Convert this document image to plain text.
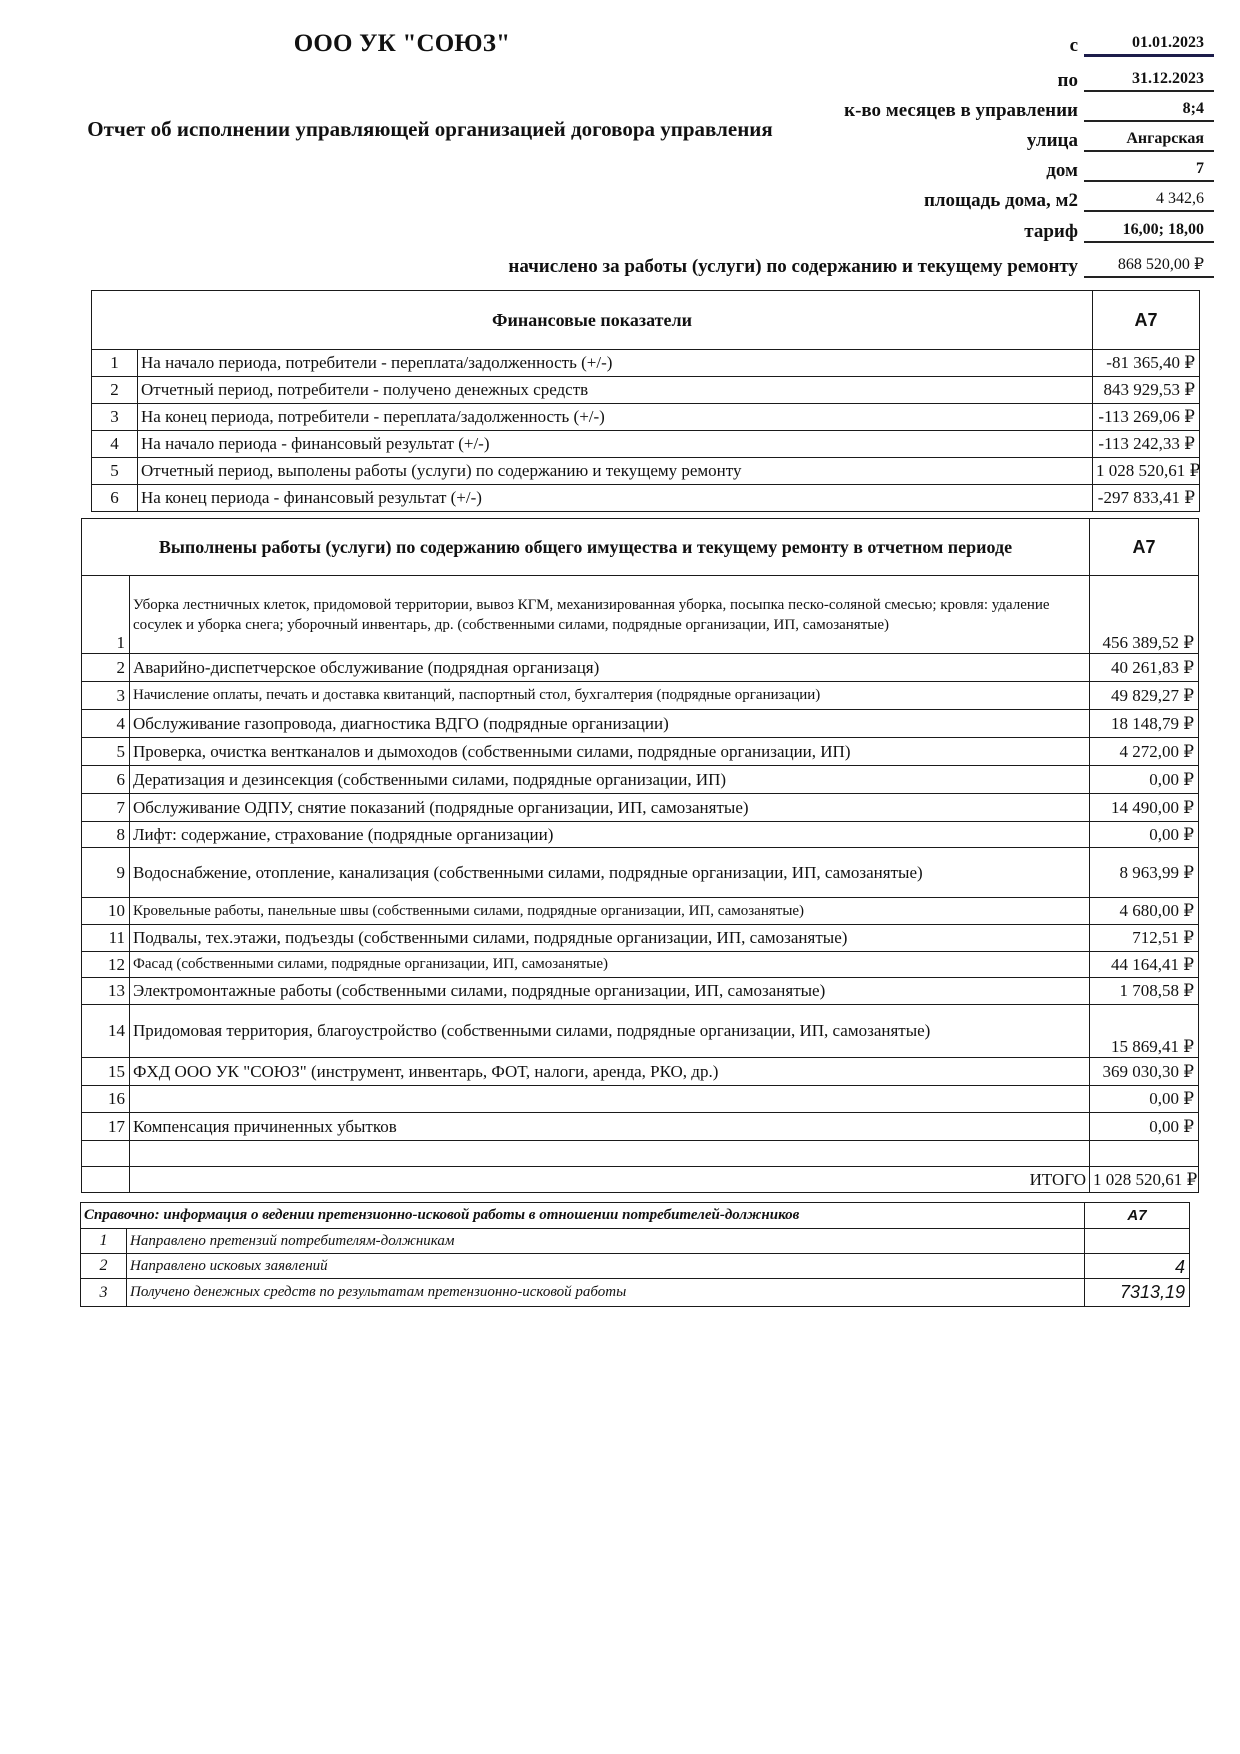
ООО УК "СОЮЗ"
Отчет об исполнении управляющей организацией договора управления
с	01.01.2023
по	31.12.2023
к-во месяцев в управлении	8;4
улица	Ангарская
дом	7
площадь дома, м2	4 342,6
тариф	16,00; 18,00
начислено за работы (услуги) по содержанию и текущему ремонту	868 520,00 ₽
Финансовые показатели		А7
1	На начало периода, потребители - переплата/задолженность (+/-)	-81 365,40 ₽
2	Отчетный период, потребители - получено денежных средств	843 929,53 ₽
3	На конец периода, потребители - переплата/задолженность (+/-)	-113 269,06 ₽
4	На начало периода - финансовый результат (+/-)	-113 242,33 ₽
5	Отчетный период, выполены работы (услуги) по содержанию и текущему ремонту	1 028 520,61 ₽
6	На конец периода - финансовый результат (+/-)	-297 833,41 ₽
Выполнены работы (услуги) по содержанию общего имущества и текущему ремонту в отчетном периоде		А7
1	Уборка лестничных клеток, придомовой территории, вывоз КГМ, механизированная уборка, посыпка песко-соляной смесью; кровля: удаление сосулек и уборка снега; уборочный инвентарь, др. (собственными силами, подрядные организации, ИП, самозанятые)	456 389,52 ₽
2	Аварийно-диспетчерское обслуживание (подрядная организаця)	40 261,83 ₽
3	Начисление оплаты, печать и доставка квитанций, паспортный стол, бухгалтерия (подрядные организации)	49 829,27 ₽
4	Обслуживание газопровода, диагностика ВДГО (подрядные организации)	18 148,79 ₽
5	Проверка, очистка вентканалов и дымоходов (собственными силами, подрядные организации, ИП)	4 272,00 ₽
6	Дератизация и дезинсекция (собственными силами, подрядные организации, ИП)	0,00 ₽
7	Обслуживание ОДПУ, снятие показаний (подрядные организации, ИП, самозанятые)	14 490,00 ₽
8	Лифт: содержание, страхование (подрядные организации)	0,00 ₽
9	Водоснабжение, отопление, канализация (собственными силами, подрядные организации, ИП, самозанятые)	8 963,99 ₽
10	Кровельные работы, панельные швы (собственными силами, подрядные организации, ИП, самозанятые)	4 680,00 ₽
11	Подвалы, тех.этажи, подъезды (собственными силами, подрядные организации, ИП, самозанятые)	712,51 ₽
12	Фасад (собственными силами, подрядные организации, ИП, самозанятые)	44 164,41 ₽
13	Электромонтажные работы (собственными силами, подрядные организации, ИП, самозанятые)	1 708,58 ₽
14	Придомовая территория, благоустройство (собственными силами, подрядные организации, ИП, самозанятые)	15 869,41 ₽
15	ФХД ООО УК "СОЮЗ" (инструмент, инвентарь, ФОТ, налоги, аренда, РКО, др.)	369 030,30 ₽
16		0,00 ₽
17	Компенсация причиненных убытков	0,00 ₽

	ИТОГО	1 028 520,61 ₽
Справочно: информация о ведении претензионно-исковой работы в отношении потребителей-должников		А7
1	Направлено претензий потребителям-должникам	
2	Направлено исковых заявлений	4
3	Получено денежных средств по результатам претензионно-исковой работы	7313,19
